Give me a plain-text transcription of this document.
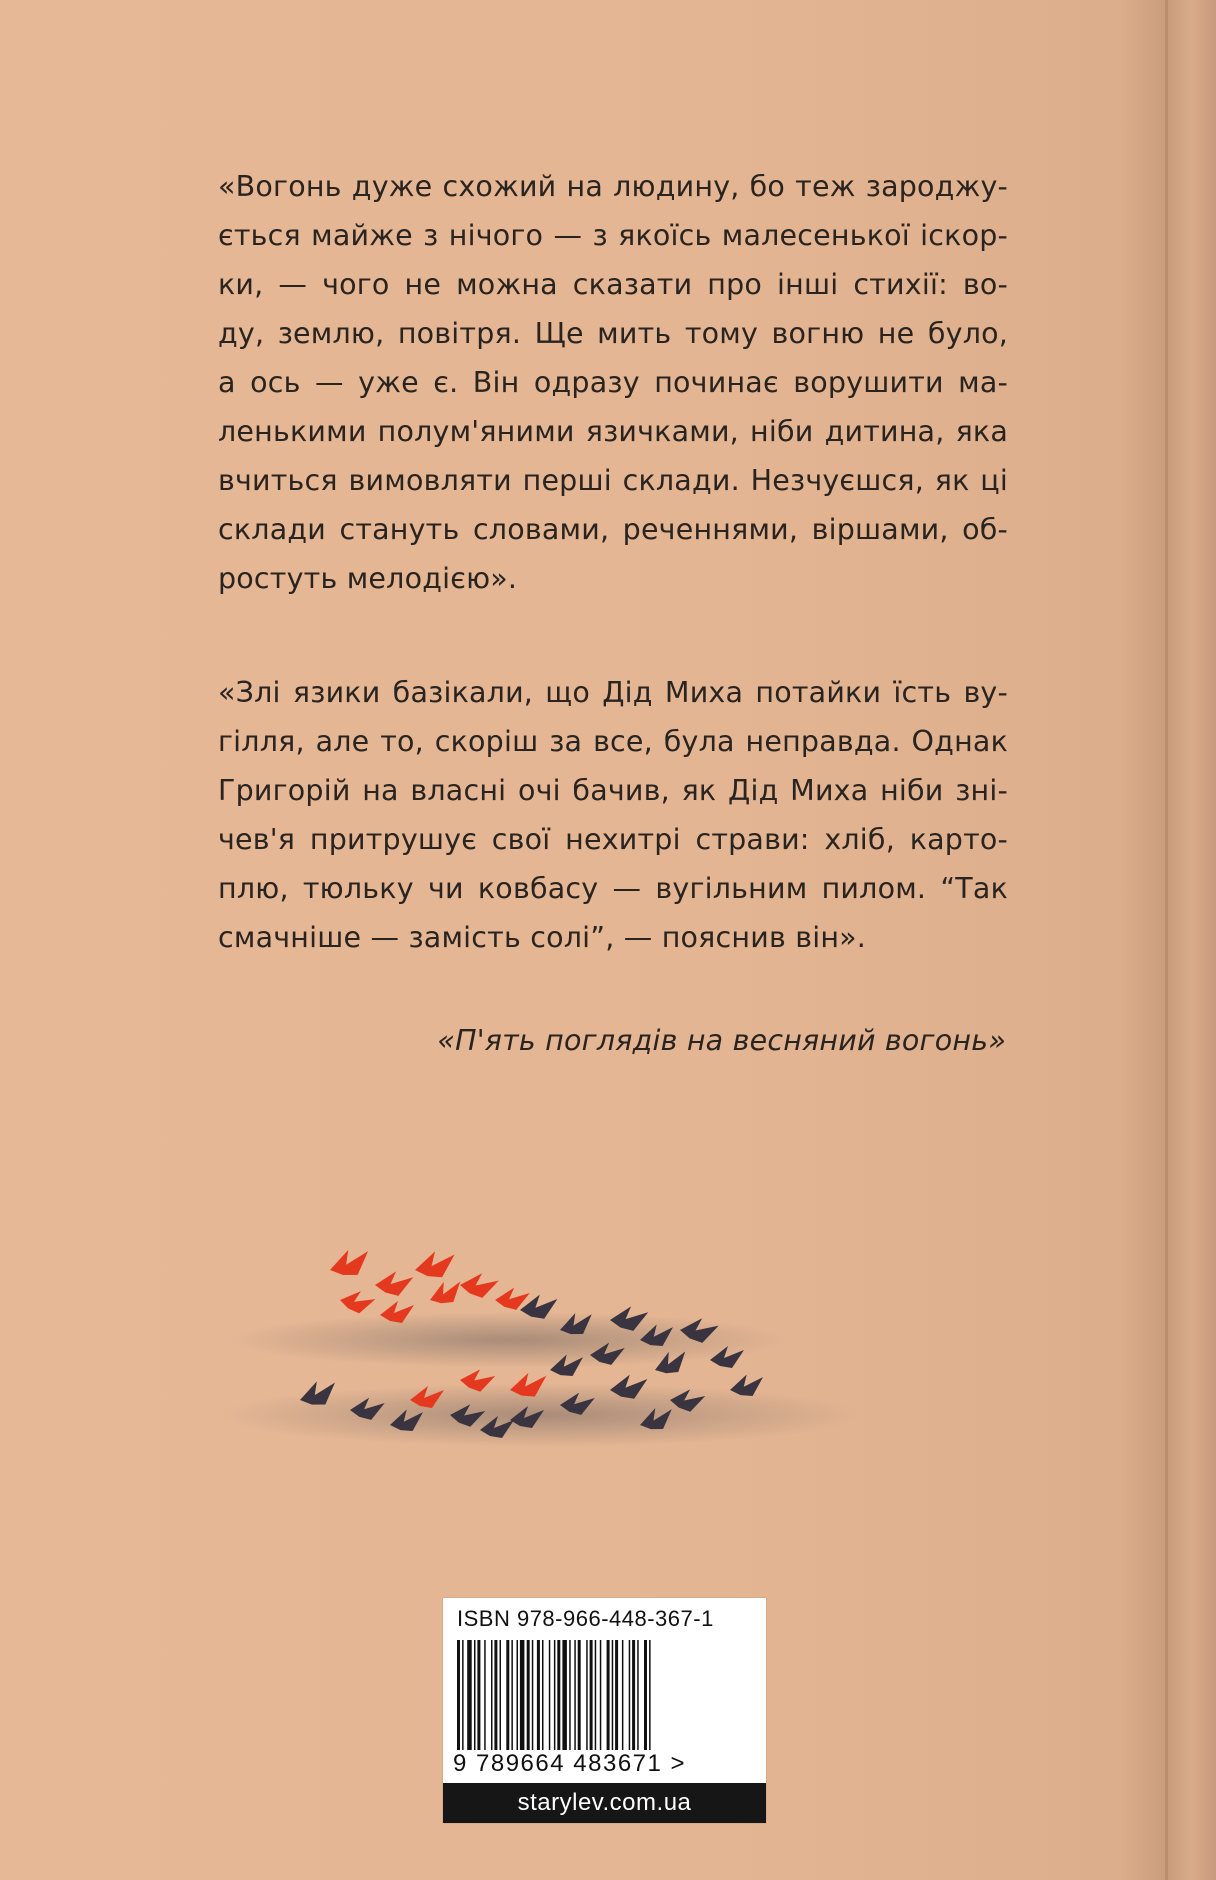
«Вогонь дуже схожий на людину, бо теж зароджу-
ється майже з нічого — з якоїсь малесенької іскор-
ки, — чого не можна сказати про інші стихії: во-
ду, землю, повітря. Ще мить тому вогню не було,
а ось — уже є. Він одразу починає ворушити ма-
ленькими полум'яними язичками, ніби дитина, яка
вчиться вимовляти перші склади. Незчуєшся, як ці
склади стануть словами, реченнями, віршами, об-
ростуть мелодією».
«Злі язики базікали, що Дід Миха потайки їсть ву-
гілля, але то, скоріш за все, була неправда. Однак
Григорій на власні очі бачив, як Дід Миха ніби зні-
чев'я притрушує свої нехитрі страви: хліб, карто-
плю, тюльку чи ковбасу — вугільним пилом. “Так
смачніше — замість солі”, — пояснив він».
«П'ять поглядів на весняний вогонь»
ISBN 978-966-448-367-1
9 789664 483671 >
starylev.com.ua
